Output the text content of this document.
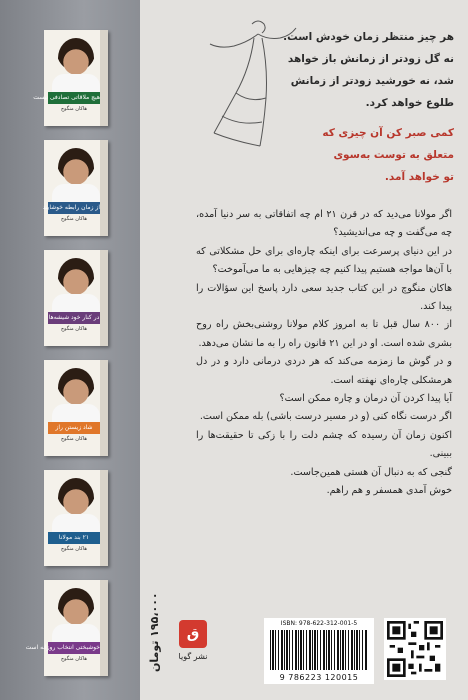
هیچ ملاقاتی تصادفی نیست
هاکان منگوچ
از زمان رابطه خوشایند
هاکان منگوچ
در کنار خود شیشه‌ها
هاکان منگوچ
شاد زیستن راز
هاکان منگوچ
۲۱ بند مولانا
هاکان منگوچ
خوشبختی انتخاب روزانه است
هاکان منگوچ

هر چیز منتظر زمان خودش است.

نه گل زودتر از زمانش باز خواهد

شد، نه خورشید زودتر از زمانش

طلوع خواهد کرد.

کمی صبر کن آن چیزی که

متعلق به توست به‌سوی

تو خواهد آمد.

اگر مولانا می‌دید که در قرن ۲۱ ام چه اتفاقاتی به سر دنیا آمده، چه می‌گفت و چه می‌اندیشید؟

در این دنیای پرسرعت برای اینکه چاره‌ای برای حل مشکلاتی که با آن‌ها مواجه هستیم پیدا کنیم چه چیزهایی به ما می‌آموخت؟

هاکان منگوچ در این کتاب جدید سعی دارد پاسخ این سؤالات را پیدا کند.

از ۸۰۰ سال قبل تا به امروز کلام مولانا روشنی‌بخش راه روح بشری شده است. او در این ۲۱ قانون راه را به ما نشان می‌دهد.

و در گوش ما زمزمه می‌کند که هر دردی درمانی دارد و در دل هرمشکلی چاره‌ای نهفته است.

آیا پیدا کردن آن درمان و چاره ممکن است؟

اگر درست نگاه کنی (و در مسیر درست باشی) بله ممکن است.

اکنون زمان آن رسیده که چشم دلت را با زکی تا حقیقت‌ها را ببینی.

گنجی که به دنبال آن هستی همین‌جاست.

خوش آمدی همسفر و هم راهم.

۱۹۵،۰۰۰ تومان	ق
نشر گویا
ISBN: 978-622-312-001-5
9 786223 120015
